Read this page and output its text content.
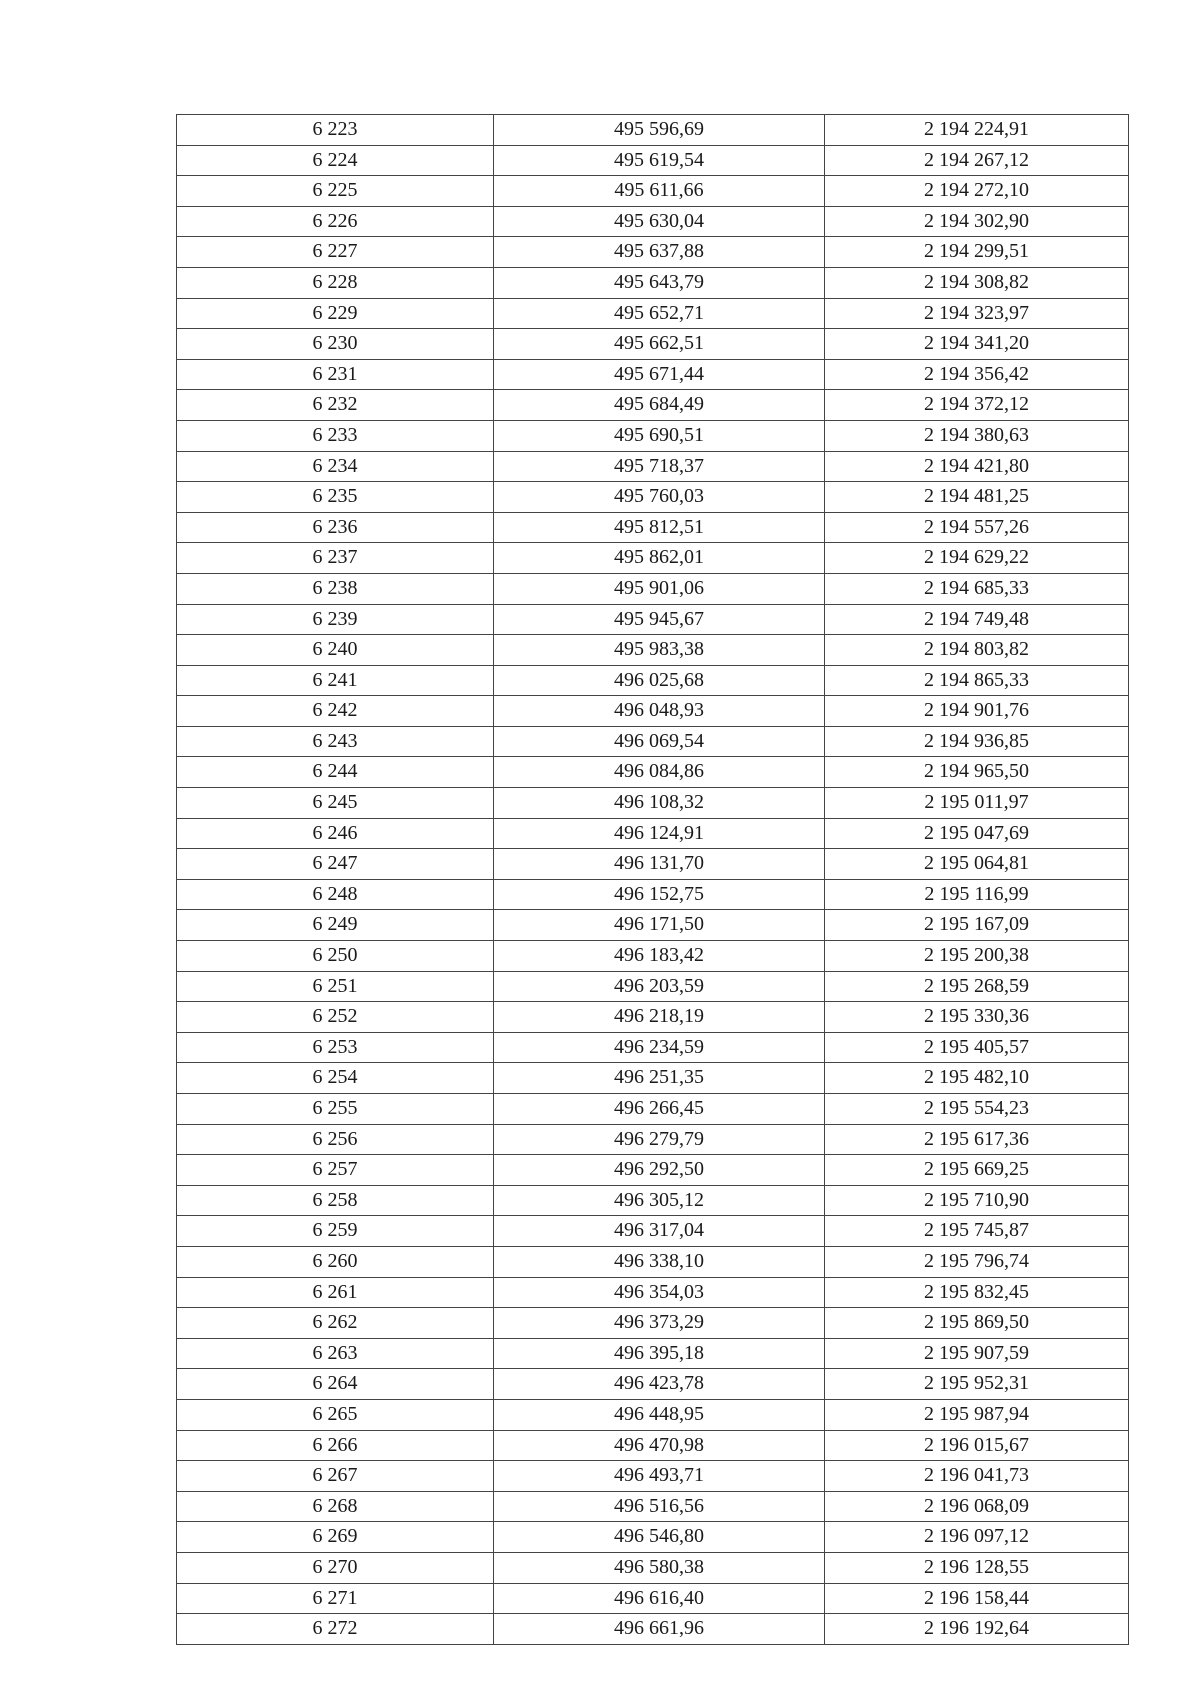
6 223	495 596,69	2 194 224,91
6 224	495 619,54	2 194 267,12
6 225	495 611,66	2 194 272,10
6 226	495 630,04	2 194 302,90
6 227	495 637,88	2 194 299,51
6 228	495 643,79	2 194 308,82
6 229	495 652,71	2 194 323,97
6 230	495 662,51	2 194 341,20
6 231	495 671,44	2 194 356,42
6 232	495 684,49	2 194 372,12
6 233	495 690,51	2 194 380,63
6 234	495 718,37	2 194 421,80
6 235	495 760,03	2 194 481,25
6 236	495 812,51	2 194 557,26
6 237	495 862,01	2 194 629,22
6 238	495 901,06	2 194 685,33
6 239	495 945,67	2 194 749,48
6 240	495 983,38	2 194 803,82
6 241	496 025,68	2 194 865,33
6 242	496 048,93	2 194 901,76
6 243	496 069,54	2 194 936,85
6 244	496 084,86	2 194 965,50
6 245	496 108,32	2 195 011,97
6 246	496 124,91	2 195 047,69
6 247	496 131,70	2 195 064,81
6 248	496 152,75	2 195 116,99
6 249	496 171,50	2 195 167,09
6 250	496 183,42	2 195 200,38
6 251	496 203,59	2 195 268,59
6 252	496 218,19	2 195 330,36
6 253	496 234,59	2 195 405,57
6 254	496 251,35	2 195 482,10
6 255	496 266,45	2 195 554,23
6 256	496 279,79	2 195 617,36
6 257	496 292,50	2 195 669,25
6 258	496 305,12	2 195 710,90
6 259	496 317,04	2 195 745,87
6 260	496 338,10	2 195 796,74
6 261	496 354,03	2 195 832,45
6 262	496 373,29	2 195 869,50
6 263	496 395,18	2 195 907,59
6 264	496 423,78	2 195 952,31
6 265	496 448,95	2 195 987,94
6 266	496 470,98	2 196 015,67
6 267	496 493,71	2 196 041,73
6 268	496 516,56	2 196 068,09
6 269	496 546,80	2 196 097,12
6 270	496 580,38	2 196 128,55
6 271	496 616,40	2 196 158,44
6 272	496 661,96	2 196 192,64
